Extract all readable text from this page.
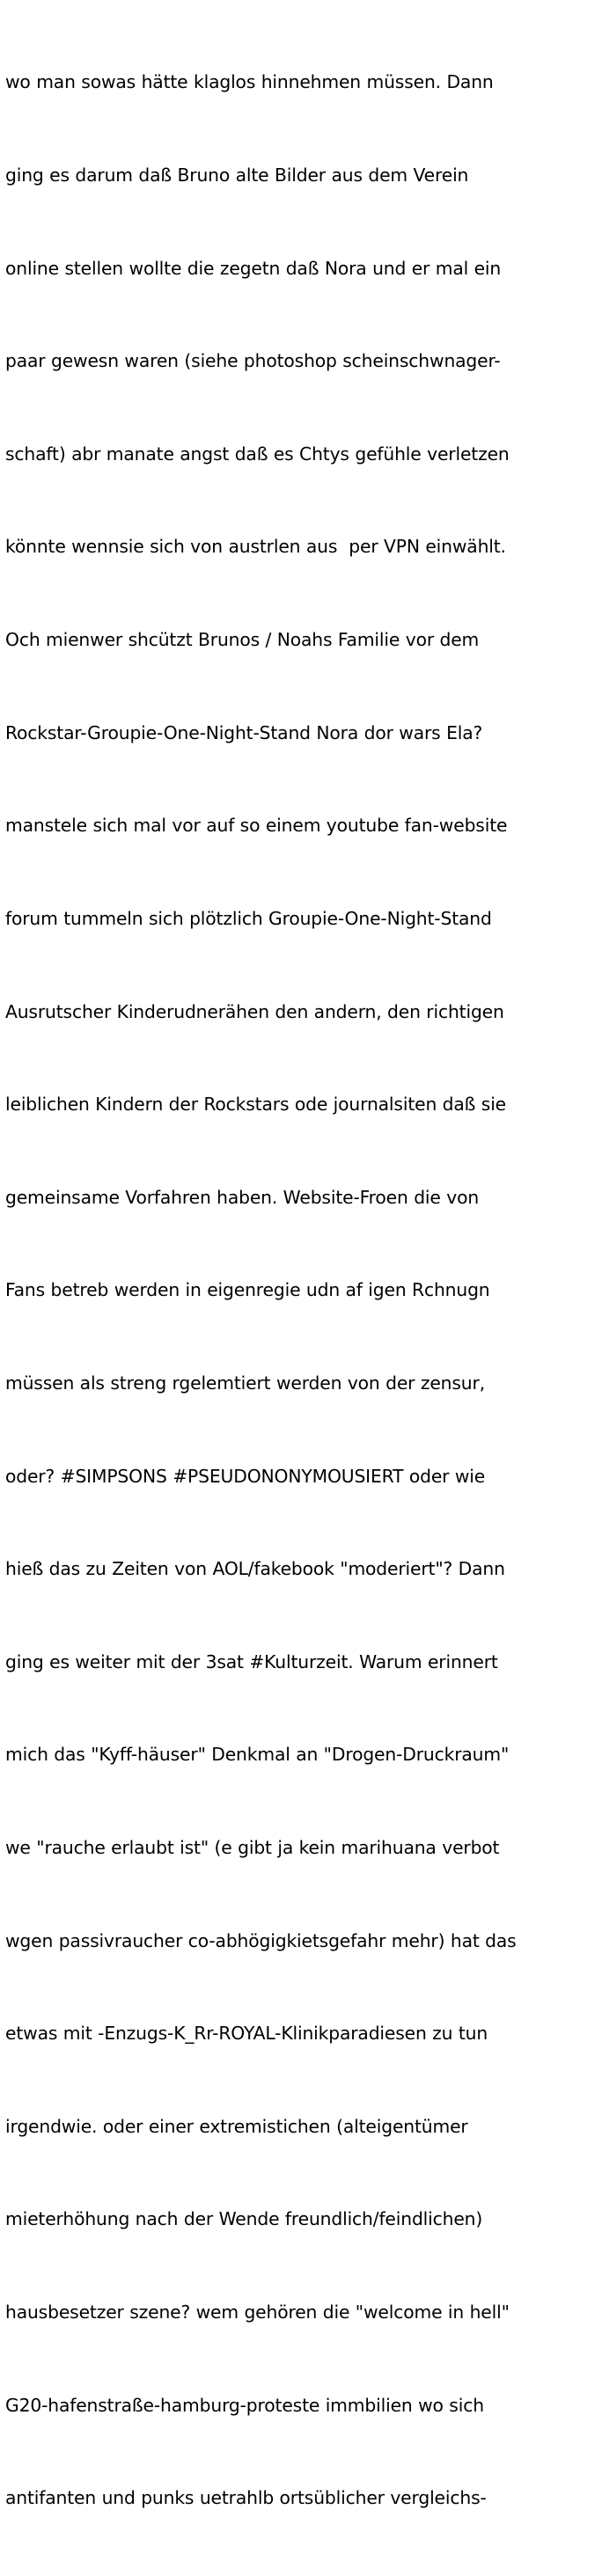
wo man sowas hätte klaglos hinnehmen müssen. Dann

ging es darum daß Bruno alte Bilder aus dem Verein

online stellen wollte die zegetn daß Nora und er mal ein

paar gewesn waren (siehe photoshop scheinschwnager-

schaft) abr manate angst daß es Chtys gefühle verletzen

könnte wennsie sich von austrlen aus  per VPN einwählt.

Och mienwer shcützt Brunos / Noahs Familie vor dem

Rockstar-Groupie-One-Night-Stand Nora dor wars Ela?

manstele sich mal vor auf so einem youtube fan-website

forum tummeln sich plötzlich Groupie-One-Night-Stand

Ausrutscher Kinderudnerähen den andern, den richtigen

leiblichen Kindern der Rockstars ode journalsiten daß sie

gemeinsame Vorfahren haben. Website-Froen die von

Fans betreb werden in eigenregie udn af igen Rchnugn

müssen als streng rgelemtiert werden von der zensur,

oder? #SIMPSONS #PSEUDONONYMOUSIERT oder wie

hieß das zu Zeiten von AOL/fakebook "moderiert"? Dann

ging es weiter mit der 3sat #Kulturzeit. Warum erinnert

mich das "Kyff-häuser" Denkmal an "Drogen-Druckraum"

we "rauche erlaubt ist" (e gibt ja kein marihuana verbot

wgen passivraucher co-abhögigkietsgefahr mehr) hat das

etwas mit -Enzugs-K_Rr-ROYAL-Klinikparadiesen zu tun

irgendwie. oder einer extremistichen (alteigentümer

mieterhöhung nach der Wende freundlich/feindlichen)

hausbesetzer szene? wem gehören die "welcome in hell"

G20-hafenstraße-hamburg-proteste immbilien wo sich

antifanten und punks uetrahlb ortsüblicher vergleichs-
